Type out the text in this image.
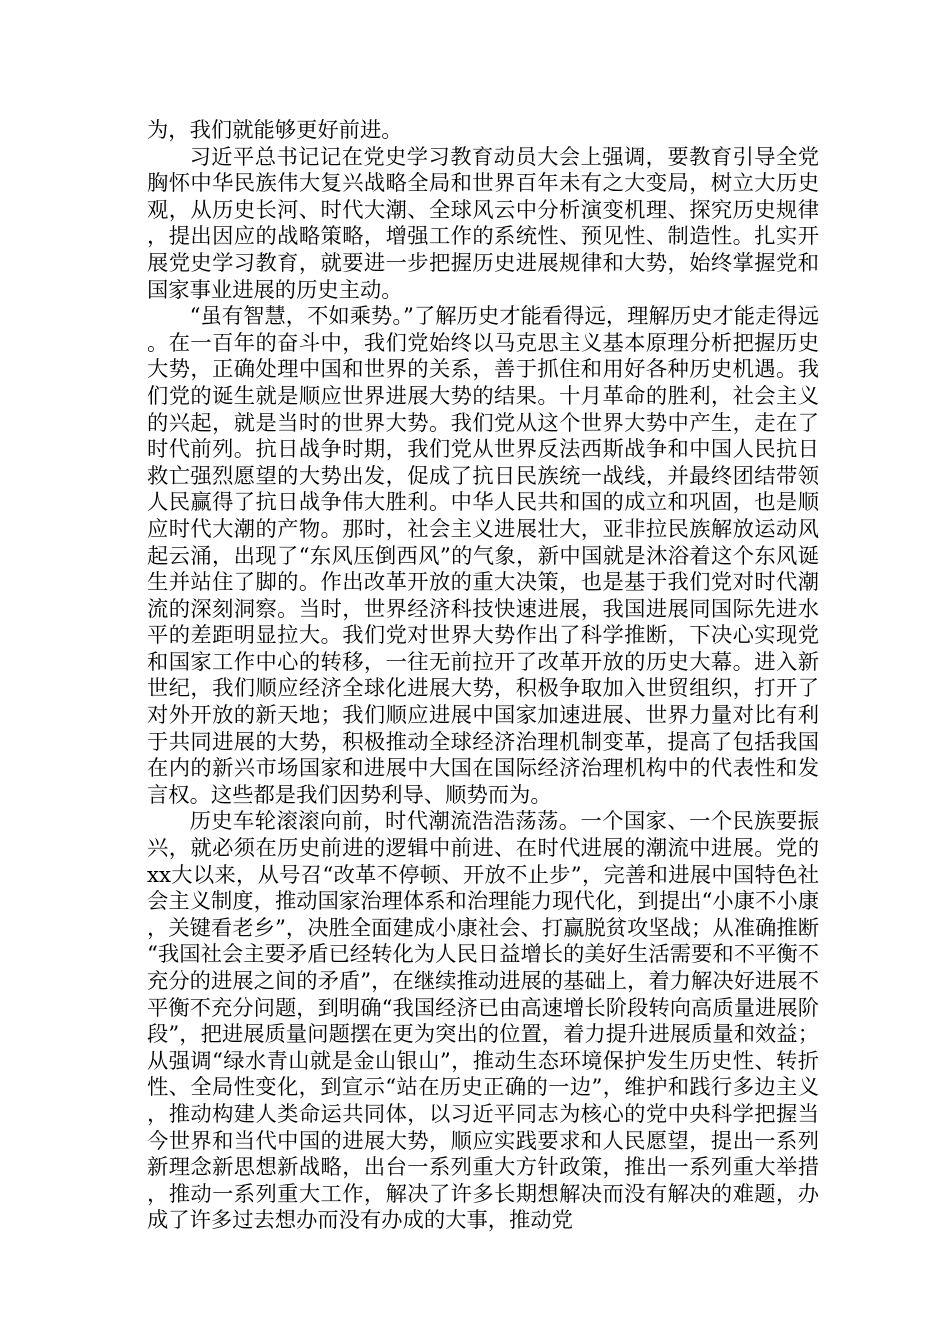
为，我们就能够更好前进。

习近平总书记记在党史学习教育动员大会上强调，要教育引导全党胸怀中华民族伟大复兴战略全局和世界百年未有之大变局，树立大历史观，从历史长河、时代大潮、全球风云中分析演变机理、探究历史规律，提出因应的战略策略，增强工作的系统性、预见性、制造性。扎实开展党史学习教育，就要进一步把握历史进展规律和大势，始终掌握党和国家事业进展的历史主动。

“虽有智慧，不如乘势。”了解历史才能看得远，理解历史才能走得远。在一百年的奋斗中，我们党始终以马克思主义基本原理分析把握历史大势，正确处理中国和世界的关系，善于抓住和用好各种历史机遇。我们党的诞生就是顺应世界进展大势的结果。十月革命的胜利，社会主义的兴起，就是当时的世界大势。我们党从这个世界大势中产生，走在了时代前列。抗日战争时期，我们党从世界反法西斯战争和中国人民抗日救亡强烈愿望的大势出发，促成了抗日民族统一战线，并最终团结带领人民赢得了抗日战争伟大胜利。中华人民共和国的成立和巩固，也是顺应时代大潮的产物。那时，社会主义进展壮大，亚非拉民族解放运动风起云涌，出现了“东风压倒西风”的气象，新中国就是沐浴着这个东风诞生并站住了脚的。作出改革开放的重大决策，也是基于我们党对时代潮流的深刻洞察。当时，世界经济科技快速进展，我国进展同国际先进水平的差距明显拉大。我们党对世界大势作出了科学推断，下决心实现党和国家工作中心的转移，一往无前拉开了改革开放的历史大幕。进入新世纪，我们顺应经济全球化进展大势，积极争取加入世贸组织，打开了对外开放的新天地；我们顺应进展中国家加速进展、世界力量对比有利于共同进展的大势，积极推动全球经济治理机制变革，提高了包括我国在内的新兴市场国家和进展中大国在国际经济治理机构中的代表性和发言权。这些都是我们因势利导、顺势而为。

历史车轮滚滚向前，时代潮流浩浩荡荡。一个国家、一个民族要振兴，就必须在历史前进的逻辑中前进、在时代进展的潮流中进展。党的xx大以来，从号召“改革不停顿、开放不止步”，完善和进展中国特色社会主义制度，推动国家治理体系和治理能力现代化，到提出“小康不小康，关键看老乡”，决胜全面建成小康社会、打赢脱贫攻坚战；从准确推断“我国社会主要矛盾已经转化为人民日益增长的美好生活需要和不平衡不充分的进展之间的矛盾”，在继续推动进展的基础上，着力解决好进展不平衡不充分问题，到明确“我国经济已由高速增长阶段转向高质量进展阶段”，把进展质量问题摆在更为突出的位置，着力提升进展质量和效益；从强调“绿水青山就是金山银山”，推动生态环境保护发生历史性、转折性、全局性变化，到宣示“站在历史正确的一边”，维护和践行多边主义，推动构建人类命运共同体，以习近平同志为核心的党中央科学把握当今世界和当代中国的进展大势，顺应实践要求和人民愿望，提出一系列新理念新思想新战略，出台一系列重大方针政策，推出一系列重大举措，推动一系列重大工作，解决了许多长期想解决而没有解决的难题，办成了许多过去想办而没有办成的大事，推动党
